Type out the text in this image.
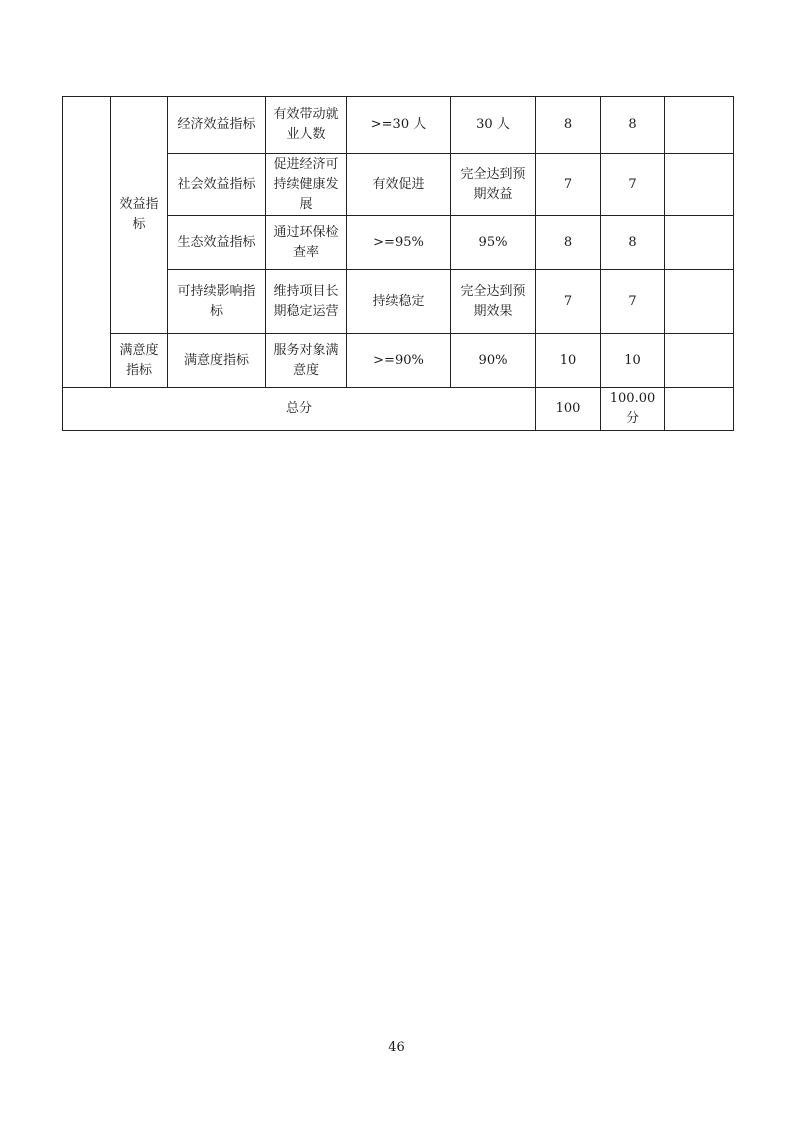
	效益指标	经济效益指标	有效带动就业人数	>=30 人	30 人	8	8	
		社会效益指标	促进经济可持续健康发展	有效促进	完全达到预期效益	7	7	
		生态效益指标	通过环保检查率	>=95%	95%	8	8	
		可持续影响指标	维持项目长期稳定运营	持续稳定	完全达到预期效果	7	7	
	满意度指标	满意度指标	服务对象满意度	>=90%	90%	10	10	
总分						100	100.00分	
46
